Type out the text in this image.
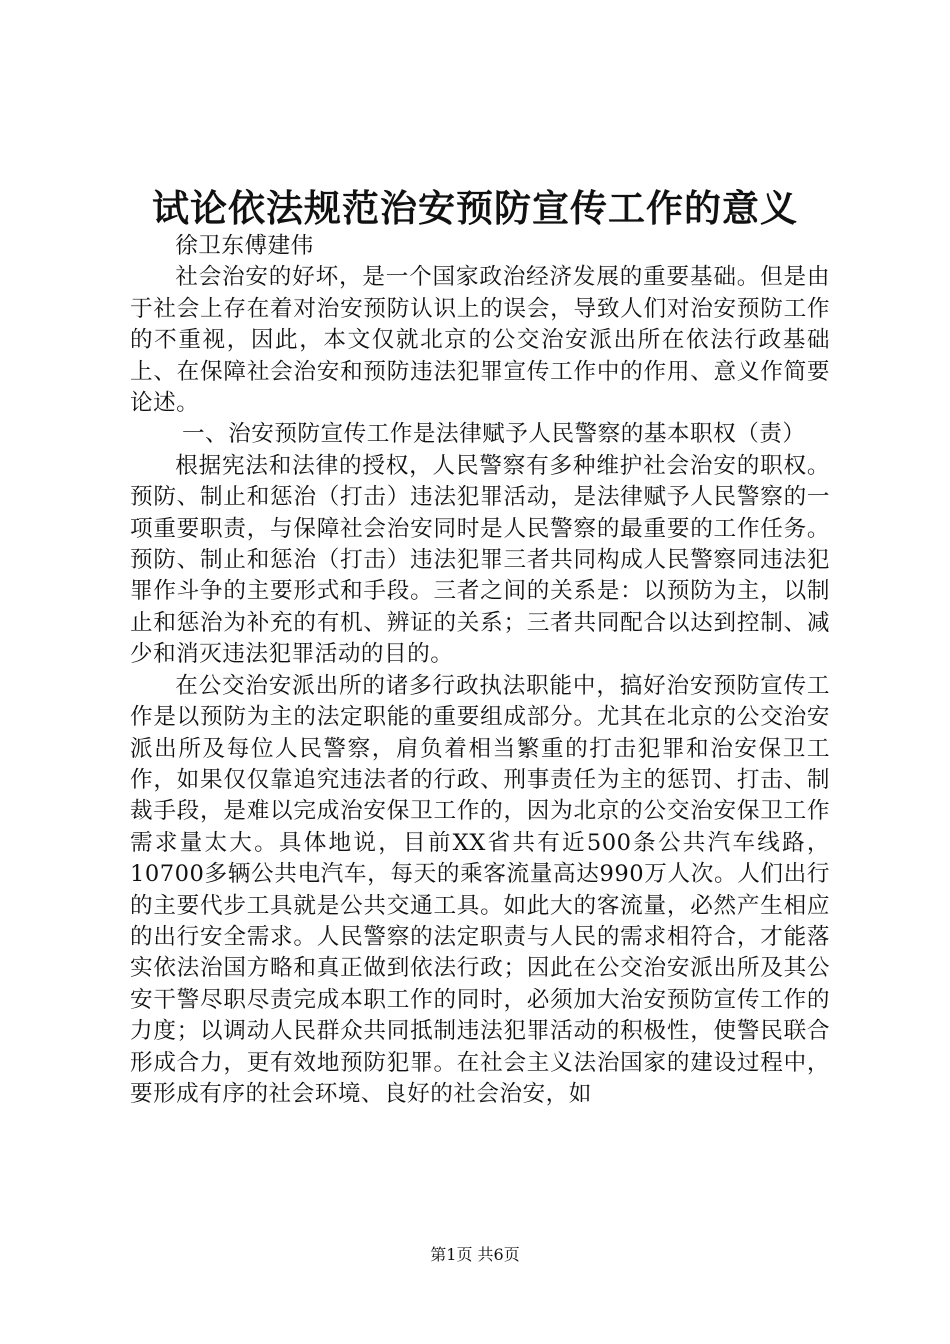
试论依法规范治安预防宣传工作的意义

徐卫东傅建伟

社会治安的好坏，是一个国家政治经济发展的重要基础。但是由于社会上存在着对治安预防认识上的误会，导致人们对治安预防工作的不重视，因此，本文仅就北京的公交治安派出所在依法行政基础上、在保障社会治安和预防违法犯罪宣传工作中的作用、意义作简要论述。

一、治安预防宣传工作是法律赋予人民警察的基本职权（责）

根据宪法和法律的授权，人民警察有多种维护社会治安的职权。预防、制止和惩治（打击）违法犯罪活动，是法律赋予人民警察的一项重要职责，与保障社会治安同时是人民警察的最重要的工作任务。预防、制止和惩治（打击）违法犯罪三者共同构成人民警察同违法犯罪作斗争的主要形式和手段。三者之间的关系是：以预防为主，以制止和惩治为补充的有机、辨证的关系；三者共同配合以达到控制、减少和消灭违法犯罪活动的目的。

在公交治安派出所的诸多行政执法职能中，搞好治安预防宣传工作是以预防为主的法定职能的重要组成部分。尤其在北京的公交治安派出所及每位人民警察，肩负着相当繁重的打击犯罪和治安保卫工作，如果仅仅靠追究违法者的行政、刑事责任为主的惩罚、打击、制裁手段，是难以完成治安保卫工作的，因为北京的公交治安保卫工作需求量太大。具体地说，目前XX省共有近500条公共汽车线路，10700多辆公共电汽车，每天的乘客流量高达990万人次。人们出行的主要代步工具就是公共交通工具。如此大的客流量，必然产生相应的出行安全需求。人民警察的法定职责与人民的需求相符合，才能落实依法治国方略和真正做到依法行政；因此在公交治安派出所及其公安干警尽职尽责完成本职工作的同时，必须加大治安预防宣传工作的力度；以调动人民群众共同抵制违法犯罪活动的积极性，使警民联合形成合力，更有效地预防犯罪。在社会主义法治国家的建设过程中，要形成有序的社会环境、良好的社会治安，如

第1页 共6页
